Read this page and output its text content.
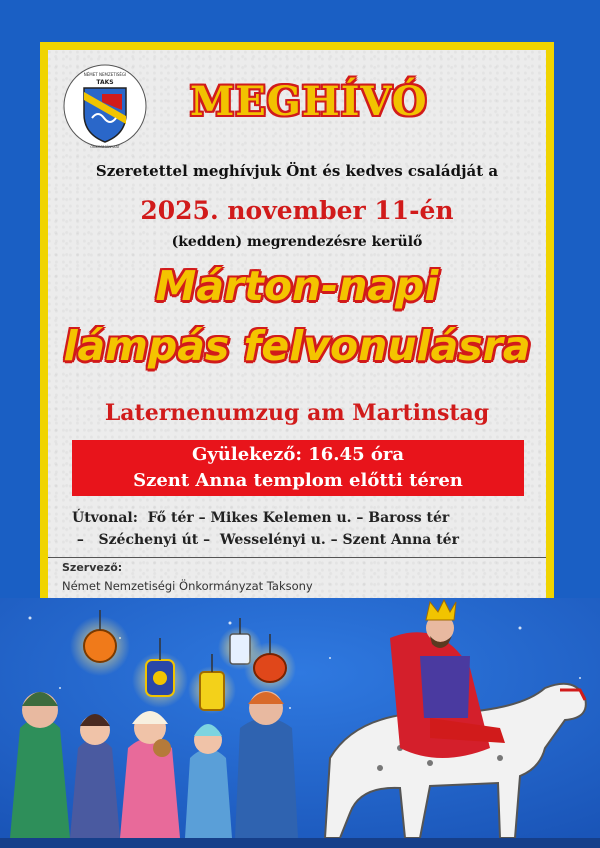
NÉMET NEMZETISÉGI
TAKS
ÖNKORMÁNYZAT
MEGHÍVÓ
Szeretettel meghívjuk Önt és kedves családját a
2025. november 11-én
(kedden) megrendezésre kerülő
Márton-napi
lámpás felvonulásra
Laternenumzug am Martinstag
Gyülekező: 16.45 óra
Szent Anna templom előtti téren
Útvonal:  Fő tér – Mikes Kelemen u. – Baross tér
–   Széchenyi út –  Wesselényi u. – Szent Anna tér
Szervező:
Német Nemzetiségi Önkormányzat Taksony
